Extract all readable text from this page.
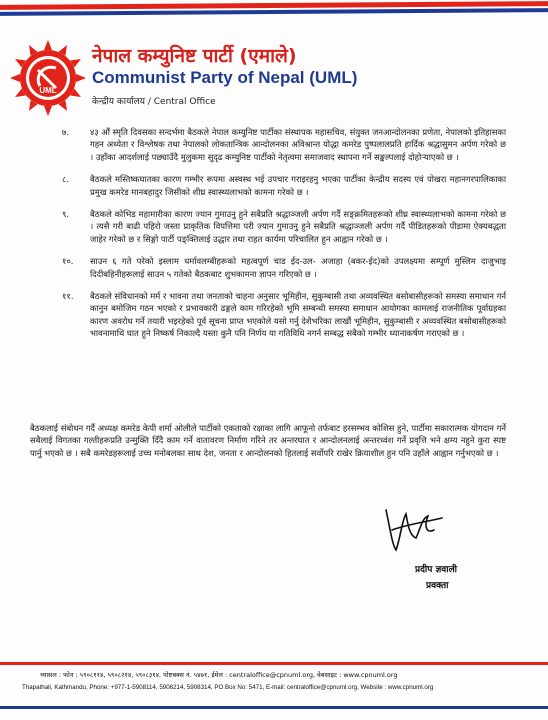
UML
नेपाल कम्युनिष्ट पार्टी (एमाले)
Communist Party of Nepal (UML)
केन्द्रीय कार्यालय / Central Office
७.	४३ औं स्मृति दिवसका सन्दर्भमा बैठकले नेपाल कम्युनिष्ट पार्टीका संस्थापक महासचिव, संयुक्त जनआन्दोलनका प्रणेता, नेपालको इतिहासका गहन अध्येता र विश्लेषक तथा नेपालको लोकतान्त्रिक आन्दोलनका अविश्रान्त योद्धा कमरेड पुष्पलालप्रति हार्दिक श्रद्धासुमन अर्पण गरेको छ । उहाँका आदर्शलाई पछ्याउँदै मुलुकमा सुदृढ कम्युनिष्ट पार्टीको नेतृत्वमा समाजवाद स्थापना गर्ने सङ्कल्पलाई दोहोऱ्याएको छ ।
८.	बैठकले मस्तिष्कघातका कारण गम्भीर रूपमा अस्वस्थ भई उपचार गराइरहनु भएका पार्टीका केन्द्रीय सदस्य एवं पोखरा महानगरपालिकाका प्रमुख कमरेड मानबहादुर जिसीको शीघ्र स्वास्थ्यलाभको कामना गरेको छ ।
९.	बैठकले कोभिड महामारीका कारण ज्यान गुमाउनु हुने सबैप्रति श्रद्धाञ्जली अर्पण गर्दै सङ्क्रमितहरूको शीघ्र स्वास्थ्यलाभको कामना गरेको छ । त्यसै गरी बाढी पहिरो जस्ता प्राकृतिक विपत्तिमा परी ज्यान गुमाउनु हुने सबैप्रति श्रद्धाञ्जली अर्पण गर्दै पीडितहरूको पीडामा ऐक्यबद्धता जाहेर गरेको छ र सिङ्गो पार्टी पङ्क्तिलाई उद्धार तथा राहत कार्यमा परिचालित हुन आह्वान गरेको छ ।
१०.	साउन ६ गते परेको इस्लाम धर्मावलम्बीहरूको महत्वपूर्ण चाड ईद-उल- अजाहा (बकर-ईद)को उपलक्ष्यमा सम्पूर्ण मुस्लिम दाजुभाइ दिदीबहिनीहरूलाई साउन ५ गतेको बैठकबाट शुभकामना ज्ञापन गरिएको छ ।
११.	बैठकले संविधानको मर्म र भावना तथा जनताको चाहना अनुसार भूमिहीन, सुकुम्बासी तथा अव्यवस्थित बसोबासीहरूको समस्या समाधान गर्न कानुन बमोजिम गठन भएको र प्रभावकारी ढङ्गले काम गरिरहेको भूमि सम्बन्धी समस्या समाधान आयोगका कामलाई राजनीतिक पूर्वाग्रहका कारण अवरोध गर्ने तयारी भइरहेको पूर्व सूचना प्राप्त भएकोले यसो गर्नु देशैभरिका लाखौं भूमिहीन, सुकुम्बासी र अव्यवस्थित बसोबासीहरूको भावनामाथि घात हुने निष्कर्ष निकाल्दै यस्ता कुनै पनि निर्णय या गतिविधि नगर्न सम्बद्ध सबैको गम्भीर ध्यानाकर्षण गराएको छ ।
बैठकलाई संबोधन गर्दै अध्यक्ष कमरेड केपी शर्मा ओलीले पार्टीको एकताको रक्षाका लागि आफूनो तर्फबाट हरसम्भव कोशिस हुने, पार्टीमा सकारात्मक योगदान गर्ने सबैलाई विगतका गल्तीहरूप्रति उन्मुक्ति दिँदै काम गर्ने वातावरण निर्माण गरिने तर अन्तरघात र आन्दोलनलाई अन्तरध्वंश गर्ने प्रवृत्ति भने क्षम्य नहुने कुरा स्पष्ट पार्नु भएको छ । सबै कमरेडहरूलाई उच्च मनोबलका साथ देश, जनता र आन्दोलनको हितलाई सर्वोपरि राखेर क्रियाशील हुन पनि उहाँले आह्वान गर्नुभएको छ ।
प्रदीप ज्ञवाली
प्रवक्ता
च्यासल : फोन : ५९०८११४, ५९०८२१४, ५९०८३१४, पोष्टबक्स नं. ५४७१, ईमेल : centraloffice@cpnuml.org, वेबसाइट : www.cpnuml.org
Thapathali, Kathmandu, Phone: +977-1-5908114, 5908214, 5908314, PO Box No: 5471, E-mail: centraloffice@cpnuml.org, Website : www.cpnuml.org
